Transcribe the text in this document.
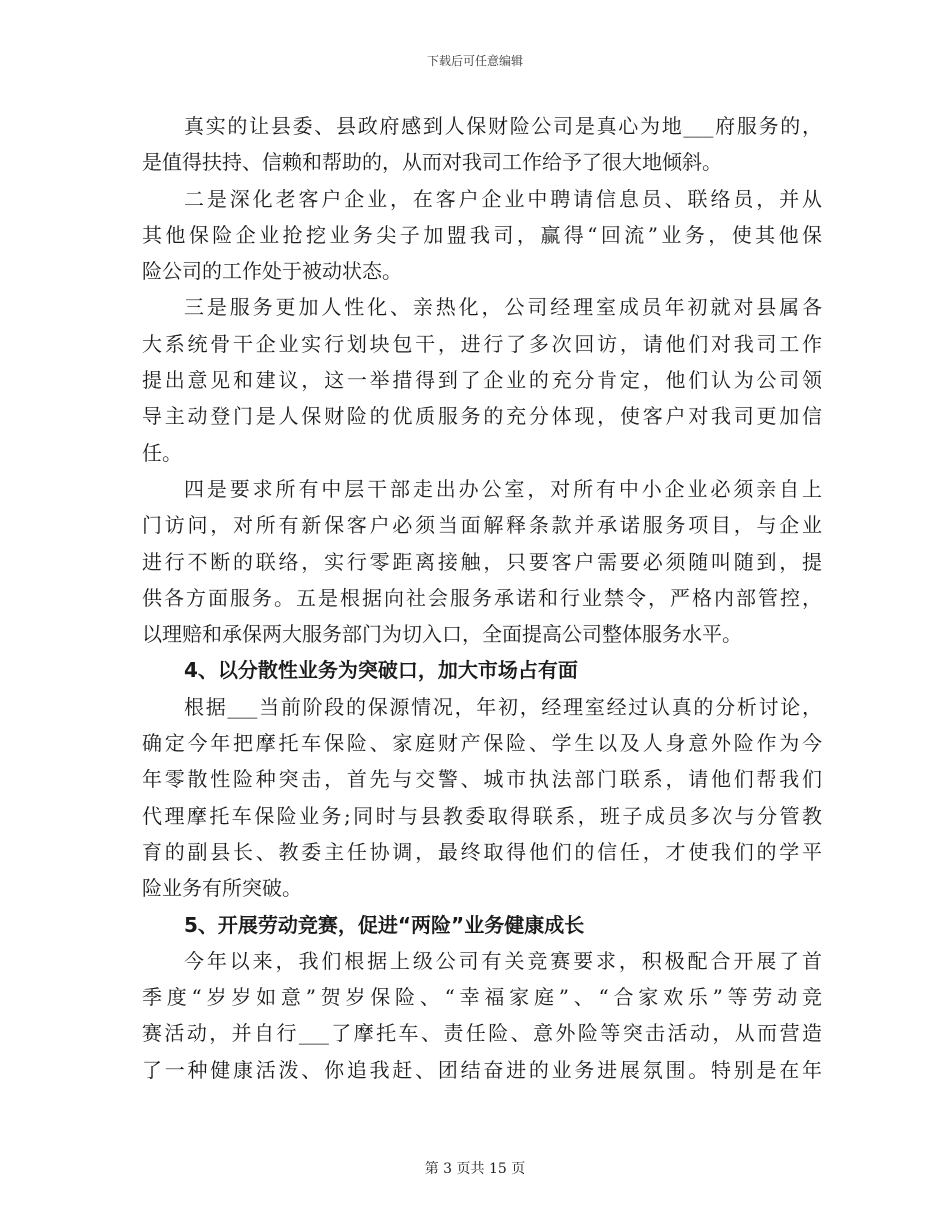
下载后可任意编辑
真实的让县委、县政府感到人保财险公司是真心为地___府服务的，
是值得扶持、信赖和帮助的，从而对我司工作给予了很大地倾斜。
二是深化老客户企业，在客户企业中聘请信息员、联络员，并从
其他保险企业抢挖业务尖子加盟我司，赢得“回流”业务，使其他保
险公司的工作处于被动状态。
三是服务更加人性化、亲热化，公司经理室成员年初就对县属各
大系统骨干企业实行划块包干，进行了多次回访，请他们对我司工作
提出意见和建议，这一举措得到了企业的充分肯定，他们认为公司领
导主动登门是人保财险的优质服务的充分体现，使客户对我司更加信
任。
四是要求所有中层干部走出办公室，对所有中小企业必须亲自上
门访问，对所有新保客户必须当面解释条款并承诺服务项目，与企业
进行不断的联络，实行零距离接触，只要客户需要必须随叫随到，提
供各方面服务。五是根据向社会服务承诺和行业禁令，严格内部管控，
以理赔和承保两大服务部门为切入口，全面提高公司整体服务水平。
4、以分散性业务为突破口，加大市场占有面
根据___当前阶段的保源情况，年初，经理室经过认真的分析讨论，
确定今年把摩托车保险、家庭财产保险、学生以及人身意外险作为今
年零散性险种突击，首先与交警、城市执法部门联系，请他们帮我们
代理摩托车保险业务;同时与县教委取得联系，班子成员多次与分管教
育的副县长、教委主任协调，最终取得他们的信任，才使我们的学平
险业务有所突破。
5、开展劳动竞赛，促进“两险”业务健康成长
今年以来，我们根据上级公司有关竞赛要求，积极配合开展了首
季度“岁岁如意”贺岁保险、“幸福家庭”、“合家欢乐”等劳动竞
赛活动，并自行___了摩托车、责任险、意外险等突击活动，从而营造
了一种健康活泼、你追我赶、团结奋进的业务进展氛围。特别是在年
第 3 页共 15 页
